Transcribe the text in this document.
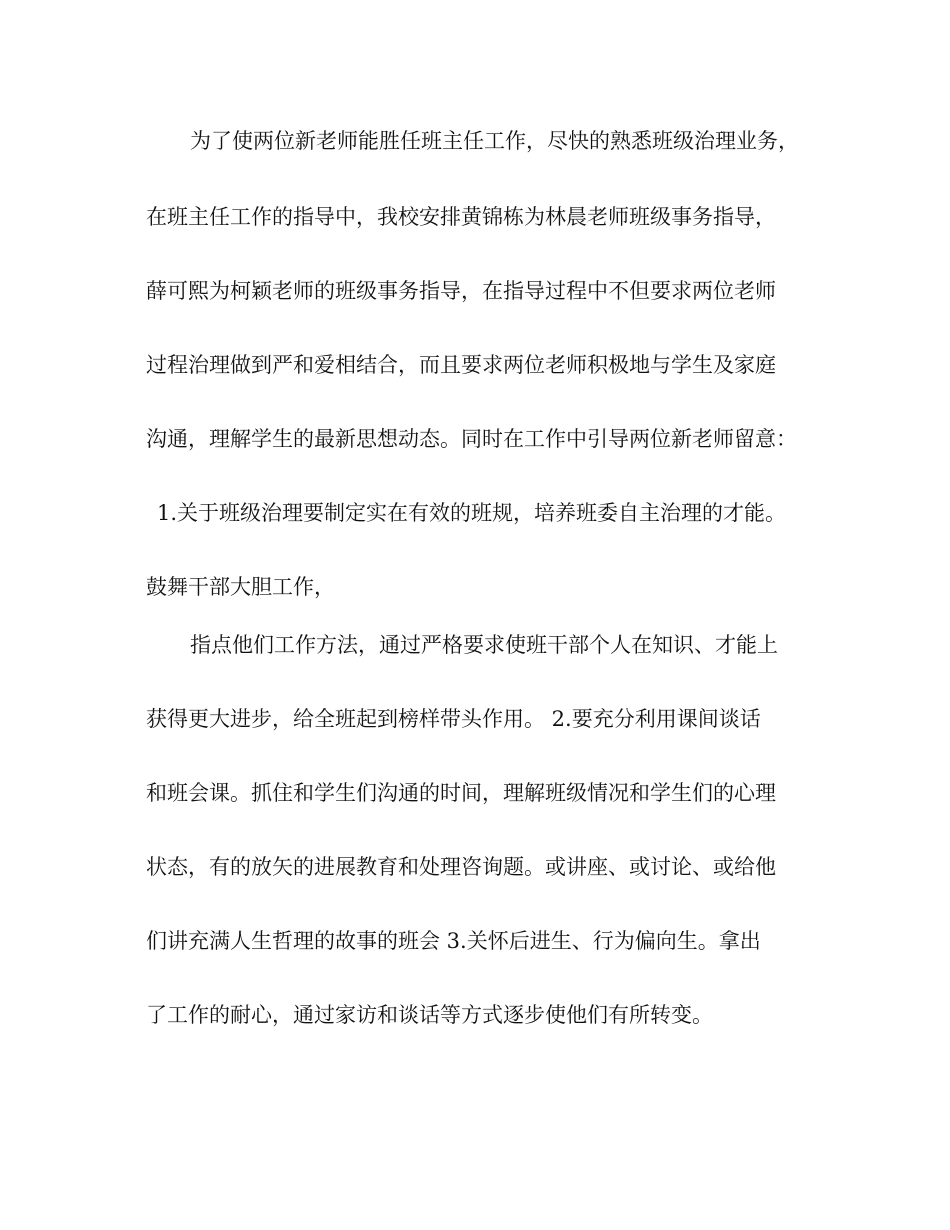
为了使两位新老师能胜任班主任工作，尽快的熟悉班级治理业务，
在班主任工作的指导中，我校安排黄锦栋为林晨老师班级事务指导，
薛可熙为柯颖老师的班级事务指导，在指导过程中不但要求两位老师
过程治理做到严和爱相结合，而且要求两位老师积极地与学生及家庭
沟通，理解学生的最新思想动态。同时在工作中引导两位新老师留意：
1.关于班级治理要制定实在有效的班规，培养班委自主治理的才能。
鼓舞干部大胆工作，
指点他们工作方法，通过严格要求使班干部个人在知识、才能上
获得更大进步，给全班起到榜样带头作用。 2.要充分利用课间谈话
和班会课。抓住和学生们沟通的时间，理解班级情况和学生们的心理
状态，有的放矢的进展教育和处理咨询题。或讲座、或讨论、或给他
们讲充满人生哲理的故事的班会 3.关怀后进生、行为偏向生。拿出
了工作的耐心，通过家访和谈话等方式逐步使他们有所转变。
